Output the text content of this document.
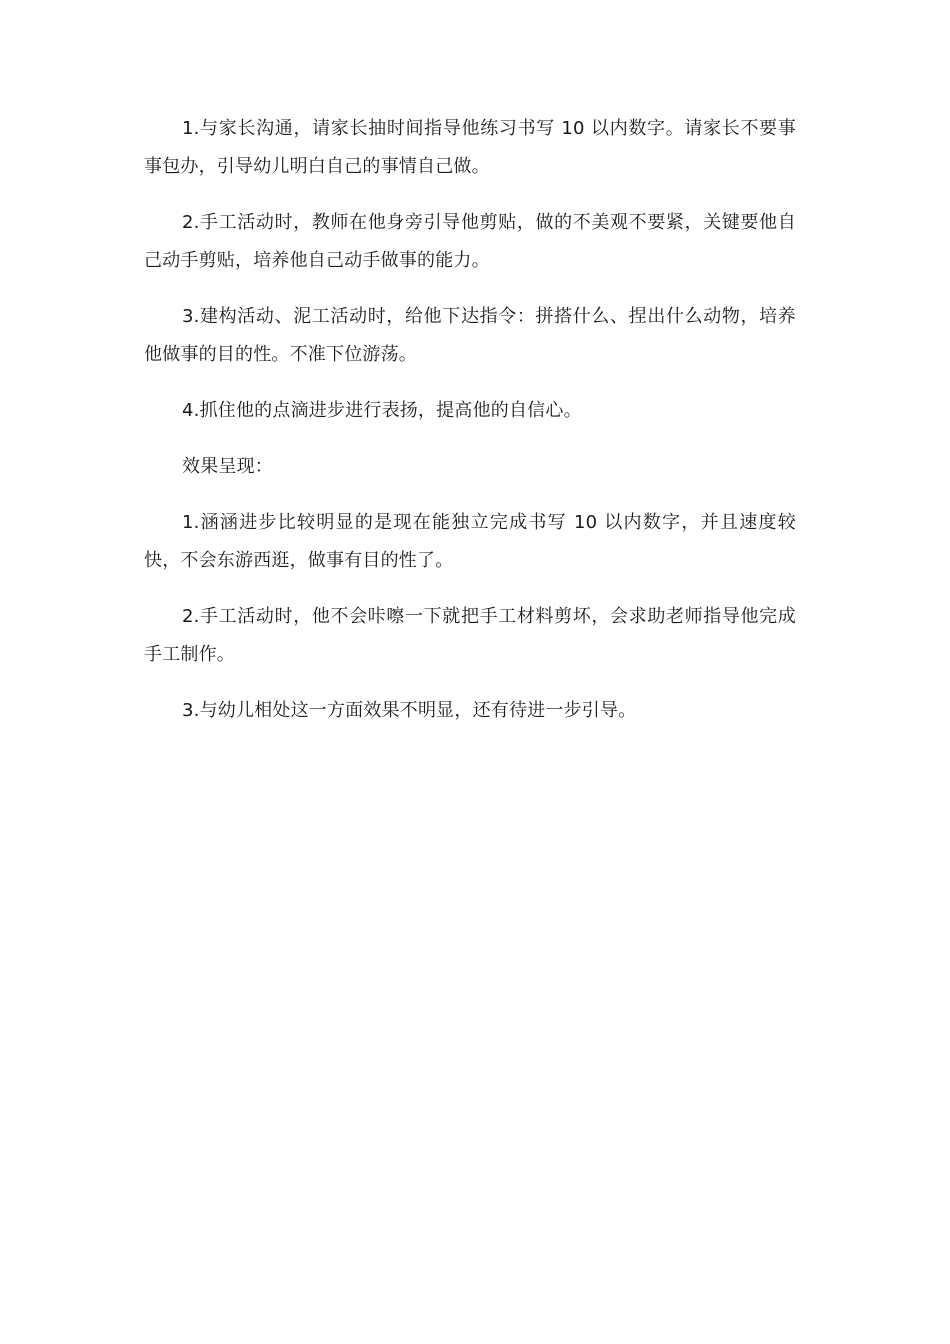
1.与家长沟通，请家长抽时间指导他练习书写 10 以内数字。请家长不要事事包办，引导幼儿明白自己的事情自己做。

2.手工活动时，教师在他身旁引导他剪贴，做的不美观不要紧，关键要他自己动手剪贴，培养他自己动手做事的能力。

3.建构活动、泥工活动时，给他下达指令：拼搭什么、捏出什么动物，培养他做事的目的性。不准下位游荡。

4.抓住他的点滴进步进行表扬，提高他的自信心。

效果呈现：

1.涵涵进步比较明显的是现在能独立完成书写 10 以内数字，并且速度较快，不会东游西逛，做事有目的性了。

2.手工活动时，他不会咔嚓一下就把手工材料剪坏，会求助老师指导他完成手工制作。

3.与幼儿相处这一方面效果不明显，还有待进一步引导。
